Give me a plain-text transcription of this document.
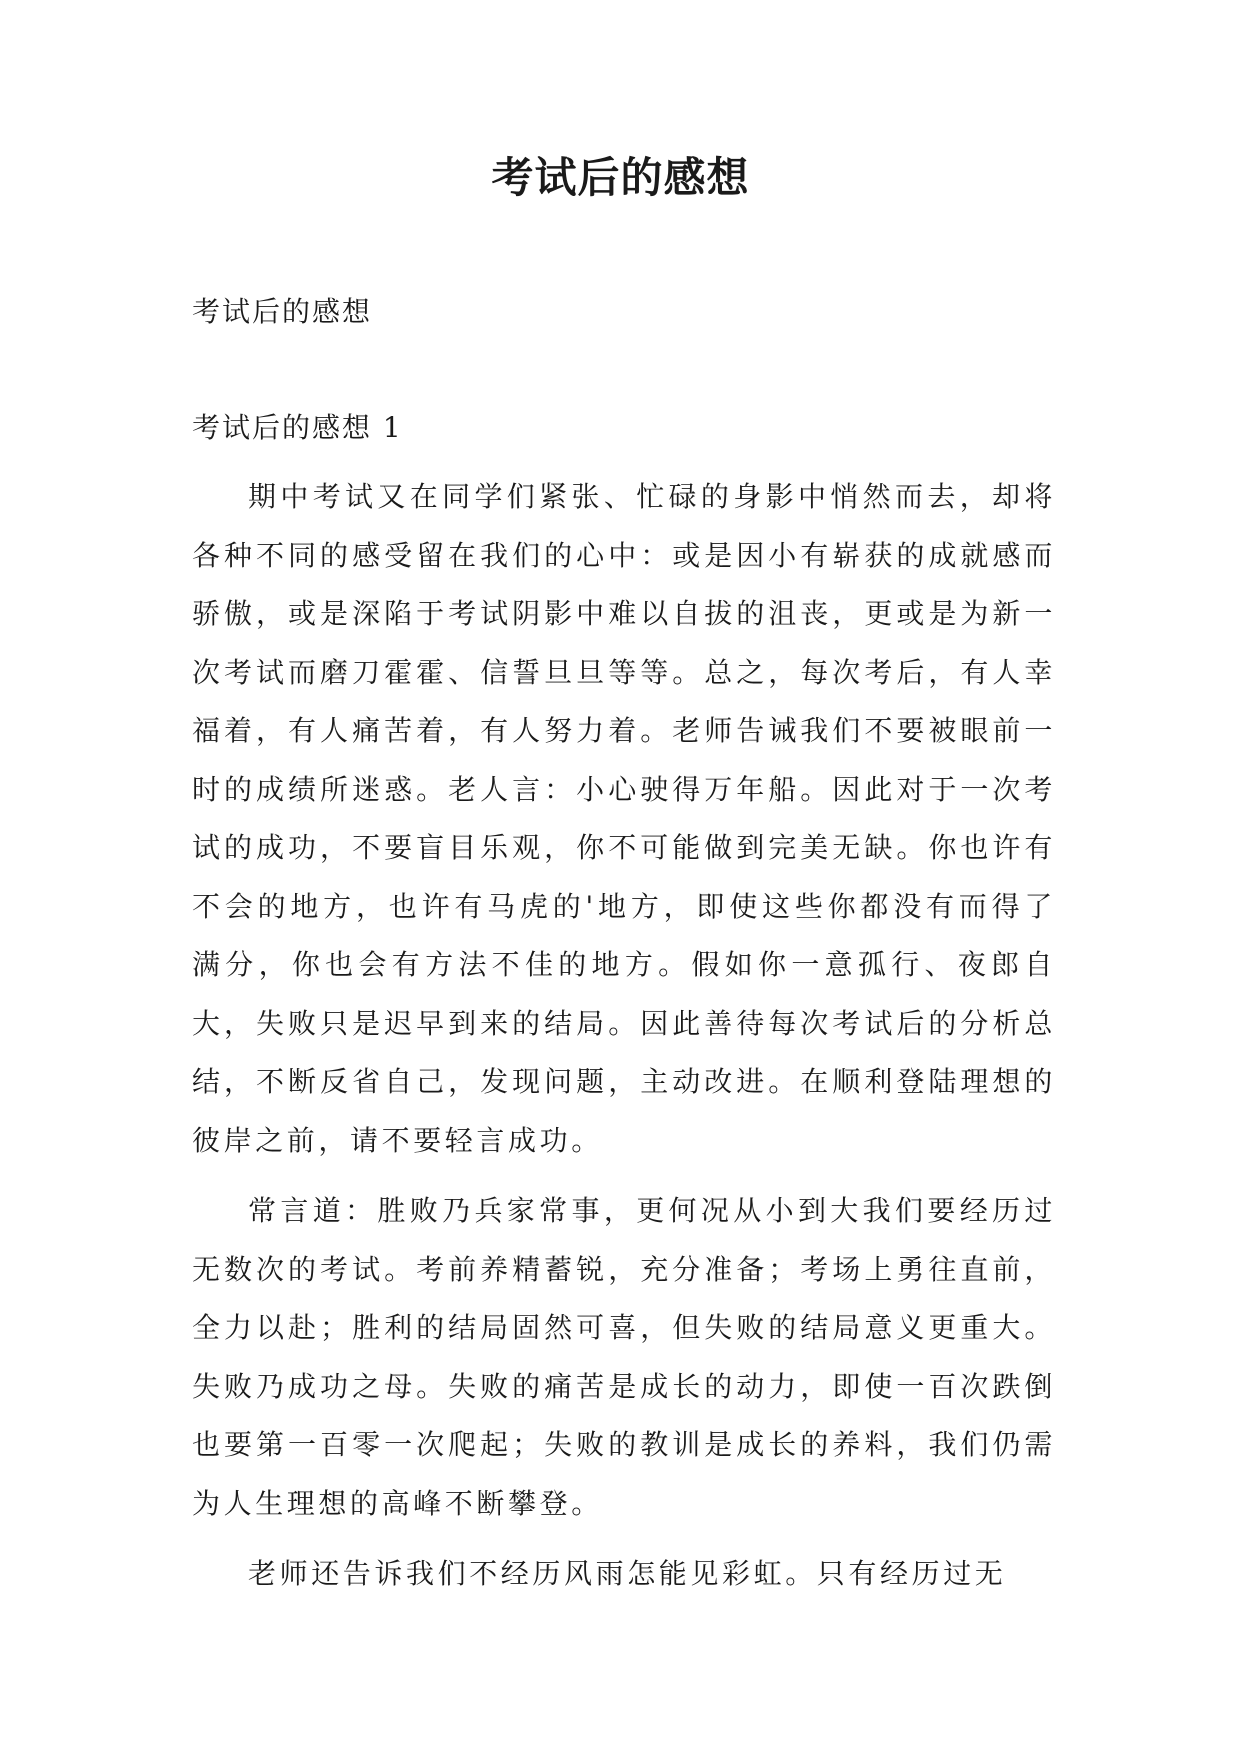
考试后的感想

考试后的感想

考试后的感想 1

期中考试又在同学们紧张、忙碌的身影中悄然而去，却将各种不同的感受留在我们的心中：或是因小有崭获的成就感而骄傲，或是深陷于考试阴影中难以自拔的沮丧，更或是为新一次考试而磨刀霍霍、信誓旦旦等等。总之，每次考后，有人幸福着，有人痛苦着，有人努力着。老师告诫我们不要被眼前一时的成绩所迷惑。老人言：小心驶得万年船。因此对于一次考试的成功，不要盲目乐观，你不可能做到完美无缺。你也许有不会的地方，也许有马虎的'地方，即使这些你都没有而得了满分，你也会有方法不佳的地方。假如你一意孤行、夜郎自大，失败只是迟早到来的结局。因此善待每次考试后的分析总结，不断反省自己，发现问题，主动改进。在顺利登陆理想的彼岸之前，请不要轻言成功。

常言道：胜败乃兵家常事，更何况从小到大我们要经历过无数次的考试。考前养精蓄锐，充分准备；考场上勇往直前，全力以赴；胜利的结局固然可喜，但失败的结局意义更重大。失败乃成功之母。失败的痛苦是成长的动力，即使一百次跌倒也要第一百零一次爬起；失败的教训是成长的养料，我们仍需为人生理想的高峰不断攀登。

老师还告诉我们不经历风雨怎能见彩虹。只有经历过无
